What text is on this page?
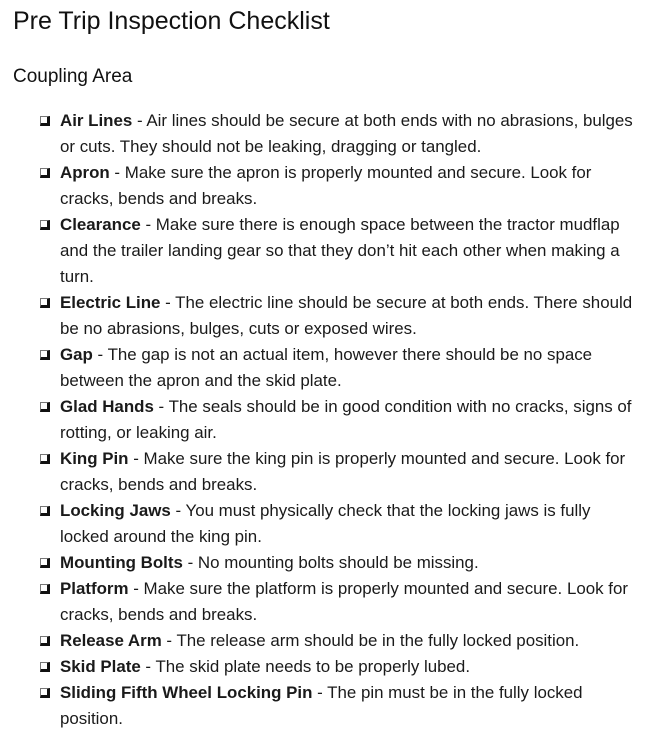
Pre Trip Inspection Checklist
Coupling Area
Air Lines - Air lines should be secure at both ends with no abrasions, bulges or cuts. They should not be leaking, dragging or tangled.
Apron - Make sure the apron is properly mounted and secure. Look for cracks, bends and breaks.
Clearance - Make sure there is enough space between the tractor mudflap and the trailer landing gear so that they don’t hit each other when making a turn.
Electric Line - The electric line should be secure at both ends. There should be no abrasions, bulges, cuts or exposed wires.
Gap - The gap is not an actual item, however there should be no space between the apron and the skid plate.
Glad Hands - The seals should be in good condition with no cracks, signs of rotting, or leaking air.
King Pin - Make sure the king pin is properly mounted and secure. Look for cracks, bends and breaks.
Locking Jaws - You must physically check that the locking jaws is fully locked around the king pin.
Mounting Bolts - No mounting bolts should be missing.
Platform - Make sure the platform is properly mounted and secure. Look for cracks, bends and breaks.
Release Arm - The release arm should be in the fully locked position.
Skid Plate - The skid plate needs to be properly lubed.
Sliding Fifth Wheel Locking Pin - The pin must be in the fully locked position.
